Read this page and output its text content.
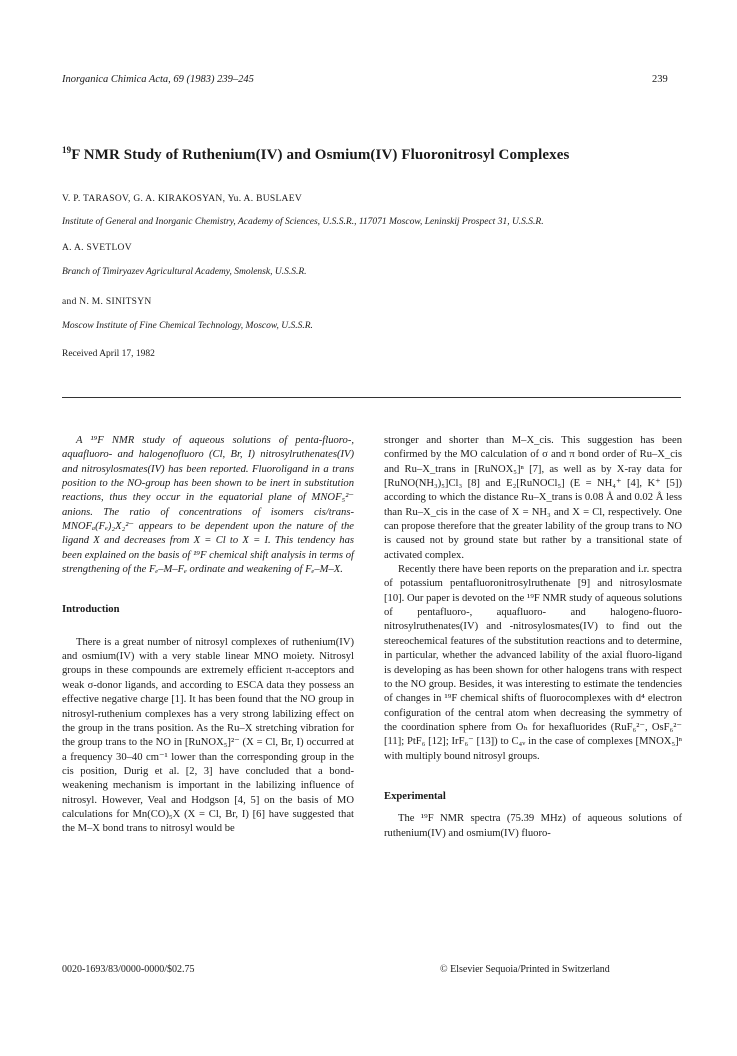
Inorganica Chimica Acta, 69 (1983) 239–245	239
$^{19}$F NMR Study of Ruthenium(IV) and Osmium(IV) Fluoronitrosyl Complexes
V. P. TARASOV, G. A. KIRAKOSYAN, Yu. A. BUSLAEV
Institute of General and Inorganic Chemistry, Academy of Sciences, U.S.S.R., 117071 Moscow, Leninskij Prospect 31, U.S.S.R.
A. A. SVETLOV
Branch of Timiryazev Agricultural Academy, Smolensk, U.S.S.R.
and N. M. SINITSYN
Moscow Institute of Fine Chemical Technology, Moscow, U.S.S.R.
Received April 17, 1982

A ¹⁹F NMR study of aqueous solutions of penta-fluoro-, aquafluoro- and halogenofluoro (Cl, Br, I) nitrosylruthenates(IV) and nitrosylosmates(IV) has been reported. Fluoroligand in a trans position to the NO-group has been shown to be inert in substitution reactions, thus they occur in the equatorial plane of MNOF₅²⁻ anions. The ratio of concentrations of isomers cis/trans-MNOFₐ(Fₑ)₂X₂²⁻ appears to be dependent upon the nature of the ligand X and decreases from X = Cl to X = I. This tendency has been explained on the basis of ¹⁹F chemical shift analysis in terms of strengthening of the Fₑ–M–Fₑ ordinate and weakening of Fₑ–M–X.

Introduction

There is a great number of nitrosyl complexes of ruthenium(IV) and osmium(IV) with a very stable linear MNO moiety. Nitrosyl groups in these compounds are extremely efficient π-acceptors and weak σ-donor ligands, and according to ESCA data they possess an effective negative charge [1]. It has been found that the NO group in nitrosyl-ruthenium complexes has a very strong labilizing effect on the group in the trans position. As the Ru–X stretching vibration for the group trans to the NO in [RuNOX₅]²⁻ (X = Cl, Br, I) occurred at a frequency 30–40 cm⁻¹ lower than the corresponding group in the cis position, Durig et al. [2, 3] have concluded that a bond-weakening mechanism is important in the labilizing influence of nitrosyl. However, Veal and Hodgson [4, 5] on the basis of MO calculations for Mn(CO)₅X (X = Cl, Br, I) [6] have suggested that the M–X bond trans to nitrosyl would be

stronger and shorter than M–X_cis. This suggestion has been confirmed by the MO calculation of σ and π bond order of Ru–X_cis and Ru–X_trans in [RuNOX₅]ⁿ [7], as well as by X-ray data for [RuNO(NH₃)₅]Cl₃ [8] and E₂[RuNOCl₅] (E = NH₄⁺ [4], K⁺ [5]) according to which the distance Ru–X_trans is 0.08 Å and 0.02 Å less than Ru–X_cis in the case of X = NH₃ and X = Cl, respectively. One can propose therefore that the greater lability of the group trans to NO is caused not by ground state but rather by a transitional state of activated complex.

Recently there have been reports on the preparation and i.r. spectra of potassium pentafluoronitrosylruthenate [9] and nitrosylosmate [10]. Our paper is devoted on the ¹⁹F NMR study of aqueous solutions of pentafluoro-, aquafluoro- and halogeno-fluoro-nitrosylruthenates(IV) and -nitrosylosmates(IV) to find out the stereochemical features of the substitution reactions and to determine, in particular, whether the advanced lability of the axial fluoro-ligand is developing as has been shown for other halogens trans with respect to the NO group. Besides, it was interesting to estimate the tendencies of changes in ¹⁹F chemical shifts of fluorocomplexes with d⁴ electron configuration of the central atom when decreasing the symmetry of the coordination sphere from Oₕ for hexafluorides (RuF₆²⁻, OsF₆²⁻ [11]; PtF₆ [12]; IrF₆⁻ [13]) to C₄ᵥ in the case of complexes [MNOX₅]ⁿ with multiply bound nitrosyl groups.

Experimental

The ¹⁹F NMR spectra (75.39 MHz) of aqueous solutions of ruthenium(IV) and osmium(IV) fluoro-

0020-1693/83/0000-0000/$02.75	© Elsevier Sequoia/Printed in Switzerland
